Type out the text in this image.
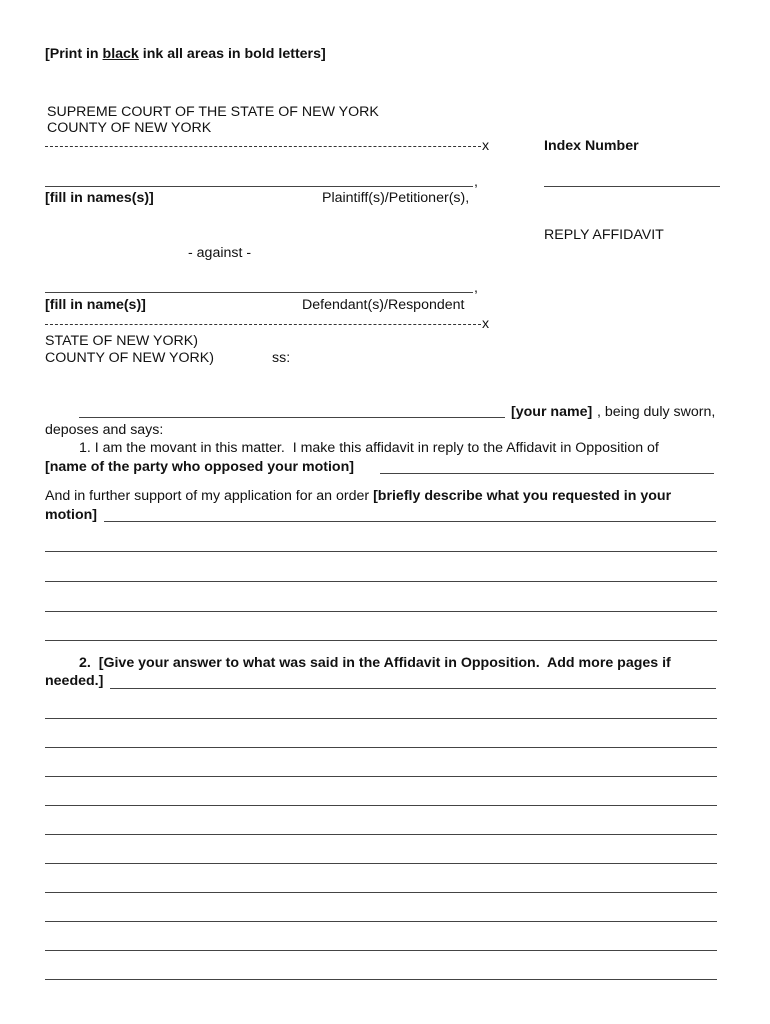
[Print in black ink all areas in bold letters]
SUPREME COURT OF THE STATE OF NEW YORK
COUNTY OF NEW YORK
x	Index Number
,
[fill in names(s)]	Plaintiff(s)/Petitioner(s),
REPLY AFFIDAVIT
- against -
,
[fill in name(s)]	Defendant(s)/Respondent
x
STATE OF NEW YORK)
COUNTY OF NEW YORK)	ss:
[your name] , being duly sworn,
deposes and says:
1. I am the movant in this matter.  I make this affidavit in reply to the Affidavit in Opposition of
[name of the party who opposed your motion]
And in further support of my application for an order [briefly describe what you requested in your
motion]
2. [Give your answer to what was said in the Affidavit in Opposition.  Add more pages if
needed.]
